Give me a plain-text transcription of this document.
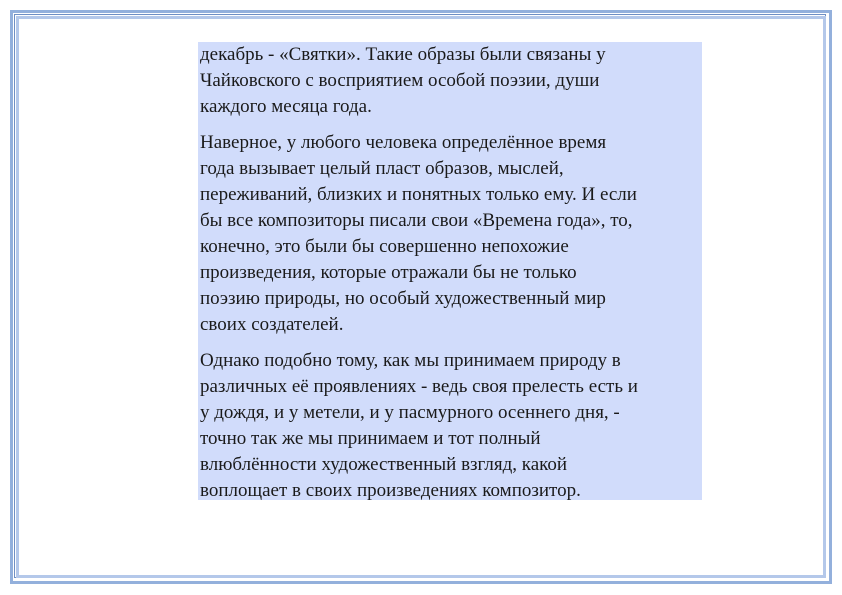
декабрь - «Святки». Такие образы были связаны у
Чайковского с восприятием особой поэзии, души
каждого месяца года.

Наверное, у любого человека определённое время
года вызывает целый пласт образов, мыслей,
переживаний, близких и понятных только ему. И если
бы все композиторы писали свои «Времена года», то,
конечно, это были бы совершенно непохожие
произведения, которые отражали бы не только
поэзию природы, но особый художественный мир
своих создателей.

Однако подобно тому, как мы принимаем природу в
различных её проявлениях - ведь своя прелесть есть и
у дождя, и у метели, и у пасмурного осеннего дня, -
точно так же мы принимаем и тот полный
влюблённости художественный взгляд, какой
воплощает в своих произведениях композитор.
